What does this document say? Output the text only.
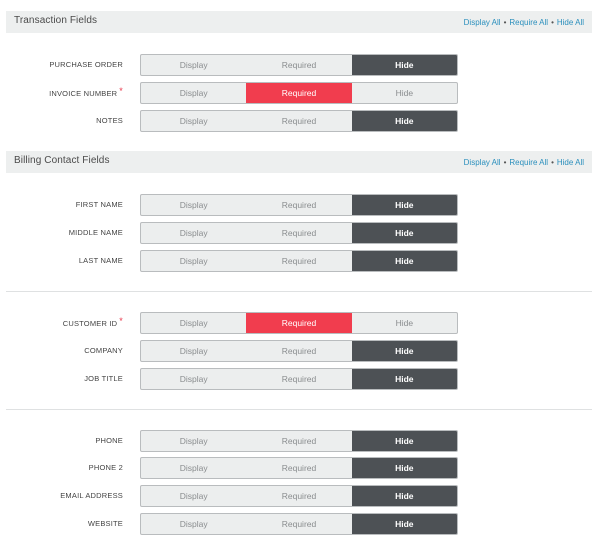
Transaction Fields	Display All • Require All • Hide All
PURCHASE ORDER	Display	Required	Hide
INVOICE NUMBER *	Display	Required	Hide
NOTES	Display	Required	Hide
Billing Contact Fields	Display All • Require All • Hide All
FIRST NAME	Display	Required	Hide
MIDDLE NAME	Display	Required	Hide
LAST NAME	Display	Required	Hide
CUSTOMER ID *	Display	Required	Hide
COMPANY	Display	Required	Hide
JOB TITLE	Display	Required	Hide
PHONE	Display	Required	Hide
PHONE 2	Display	Required	Hide
EMAIL ADDRESS	Display	Required	Hide
WEBSITE	Display	Required	Hide
